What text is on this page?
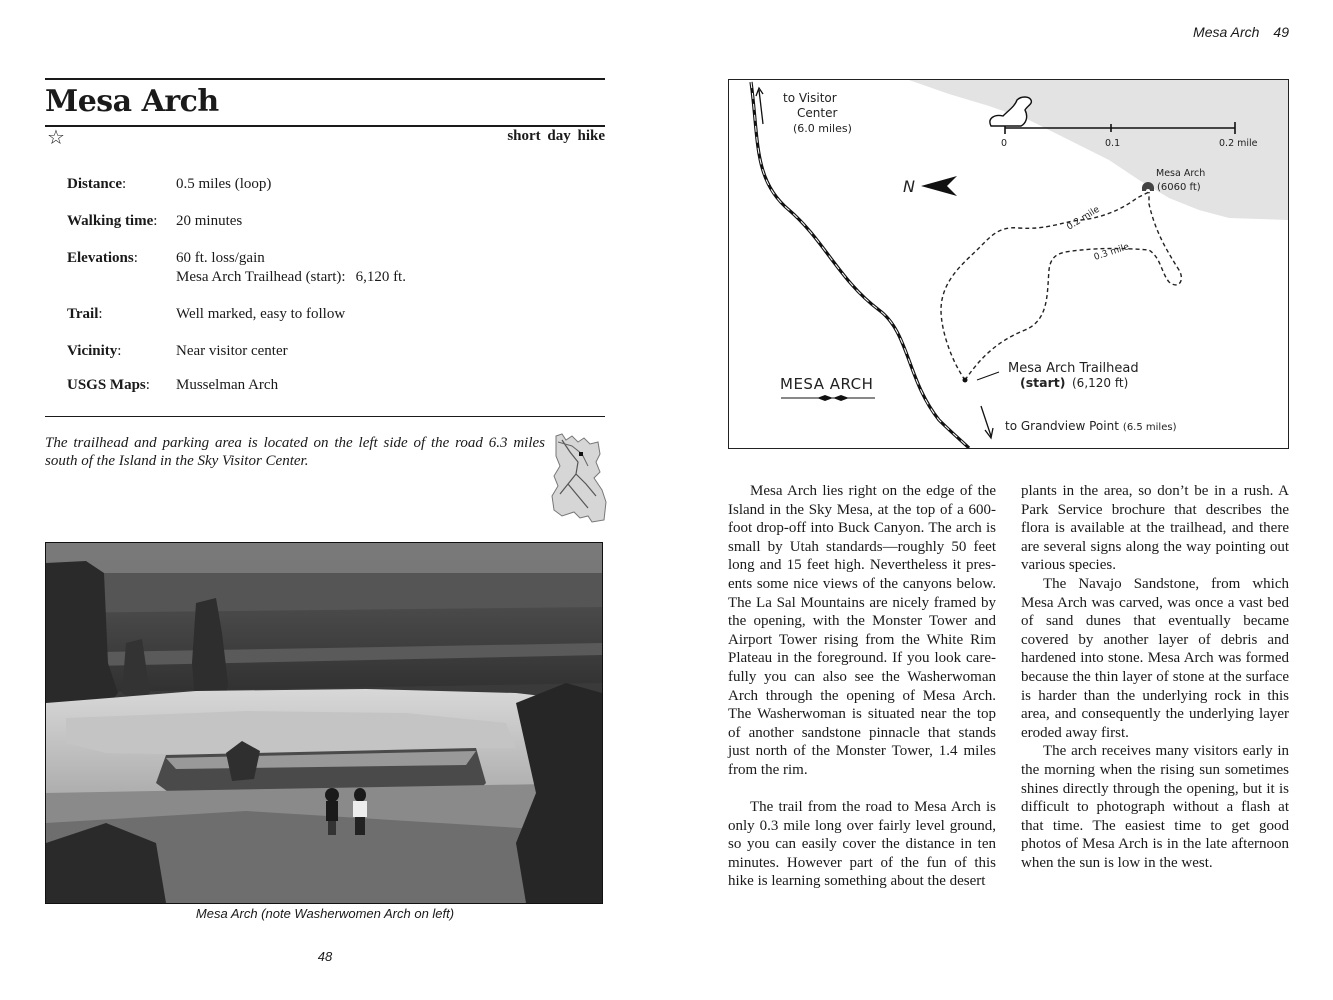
Mesa Arch
☆	short day hike
Distance:	0.5 miles (loop)
Walking time:	20 minutes
Elevations:	60 ft. loss/gain
Mesa Arch Trailhead (start): 6,120 ft.
Trail:	Well marked, easy to follow
Vicinity:	Near visitor center
USGS Maps:	Musselman Arch
The trailhead and parking area is located on the left side of the road 6.3 miles south of the Island in the Sky Visitor Center.
Mesa Arch (note Washerwomen Arch on left)
48
Mesa Arch 49
to Visitor
Center
(6.0 miles)
0	0.1	0.2 mile
N
Mesa Arch
(6060 ft)
0.2 mile
0.3 mile
Mesa Arch Trailhead
(start) (6,120 ft)
MESA ARCH
to Grandview Point (6.5 miles)

Mesa Arch lies right on the edge of the Island in the Sky Mesa, at the top of a 600-foot drop-off into Buck Canyon. The arch is small by Utah standards—roughly 50 feet long and 15 feet high. Nevertheless it pres-ents some nice views of the canyons below. The La Sal Mountains are nicely framed by the opening, with the Monster Tower and Airport Tower rising from the White Rim Plateau in the foreground. If you look care-fully you can also see the Washerwoman Arch through the opening of Mesa Arch. The Washerwoman is situated near the top of another sandstone pinnacle that stands just north of the Monster Tower, 1.4 miles from the rim.

The trail from the road to Mesa Arch is only 0.3 mile long over fairly level ground, so you can easily cover the distance in ten minutes. However part of the fun of this hike is learning something about the desert

plants in the area, so don’t be in a rush. A Park Service brochure that describes the flora is available at the trailhead, and there are several signs along the way pointing out various species.

The Navajo Sandstone, from which Mesa Arch was carved, was once a vast bed of sand dunes that eventually became covered by another layer of debris and hardened into stone. Mesa Arch was formed because the thin layer of stone at the surface is harder than the underlying rock in this area, and consequently the underlying layer eroded away first.

The arch receives many visitors early in the morning when the rising sun sometimes shines directly through the opening, but it is difficult to photograph without a flash at that time. The easiest time to get good photos of Mesa Arch is in the late afternoon when the sun is low in the west.
